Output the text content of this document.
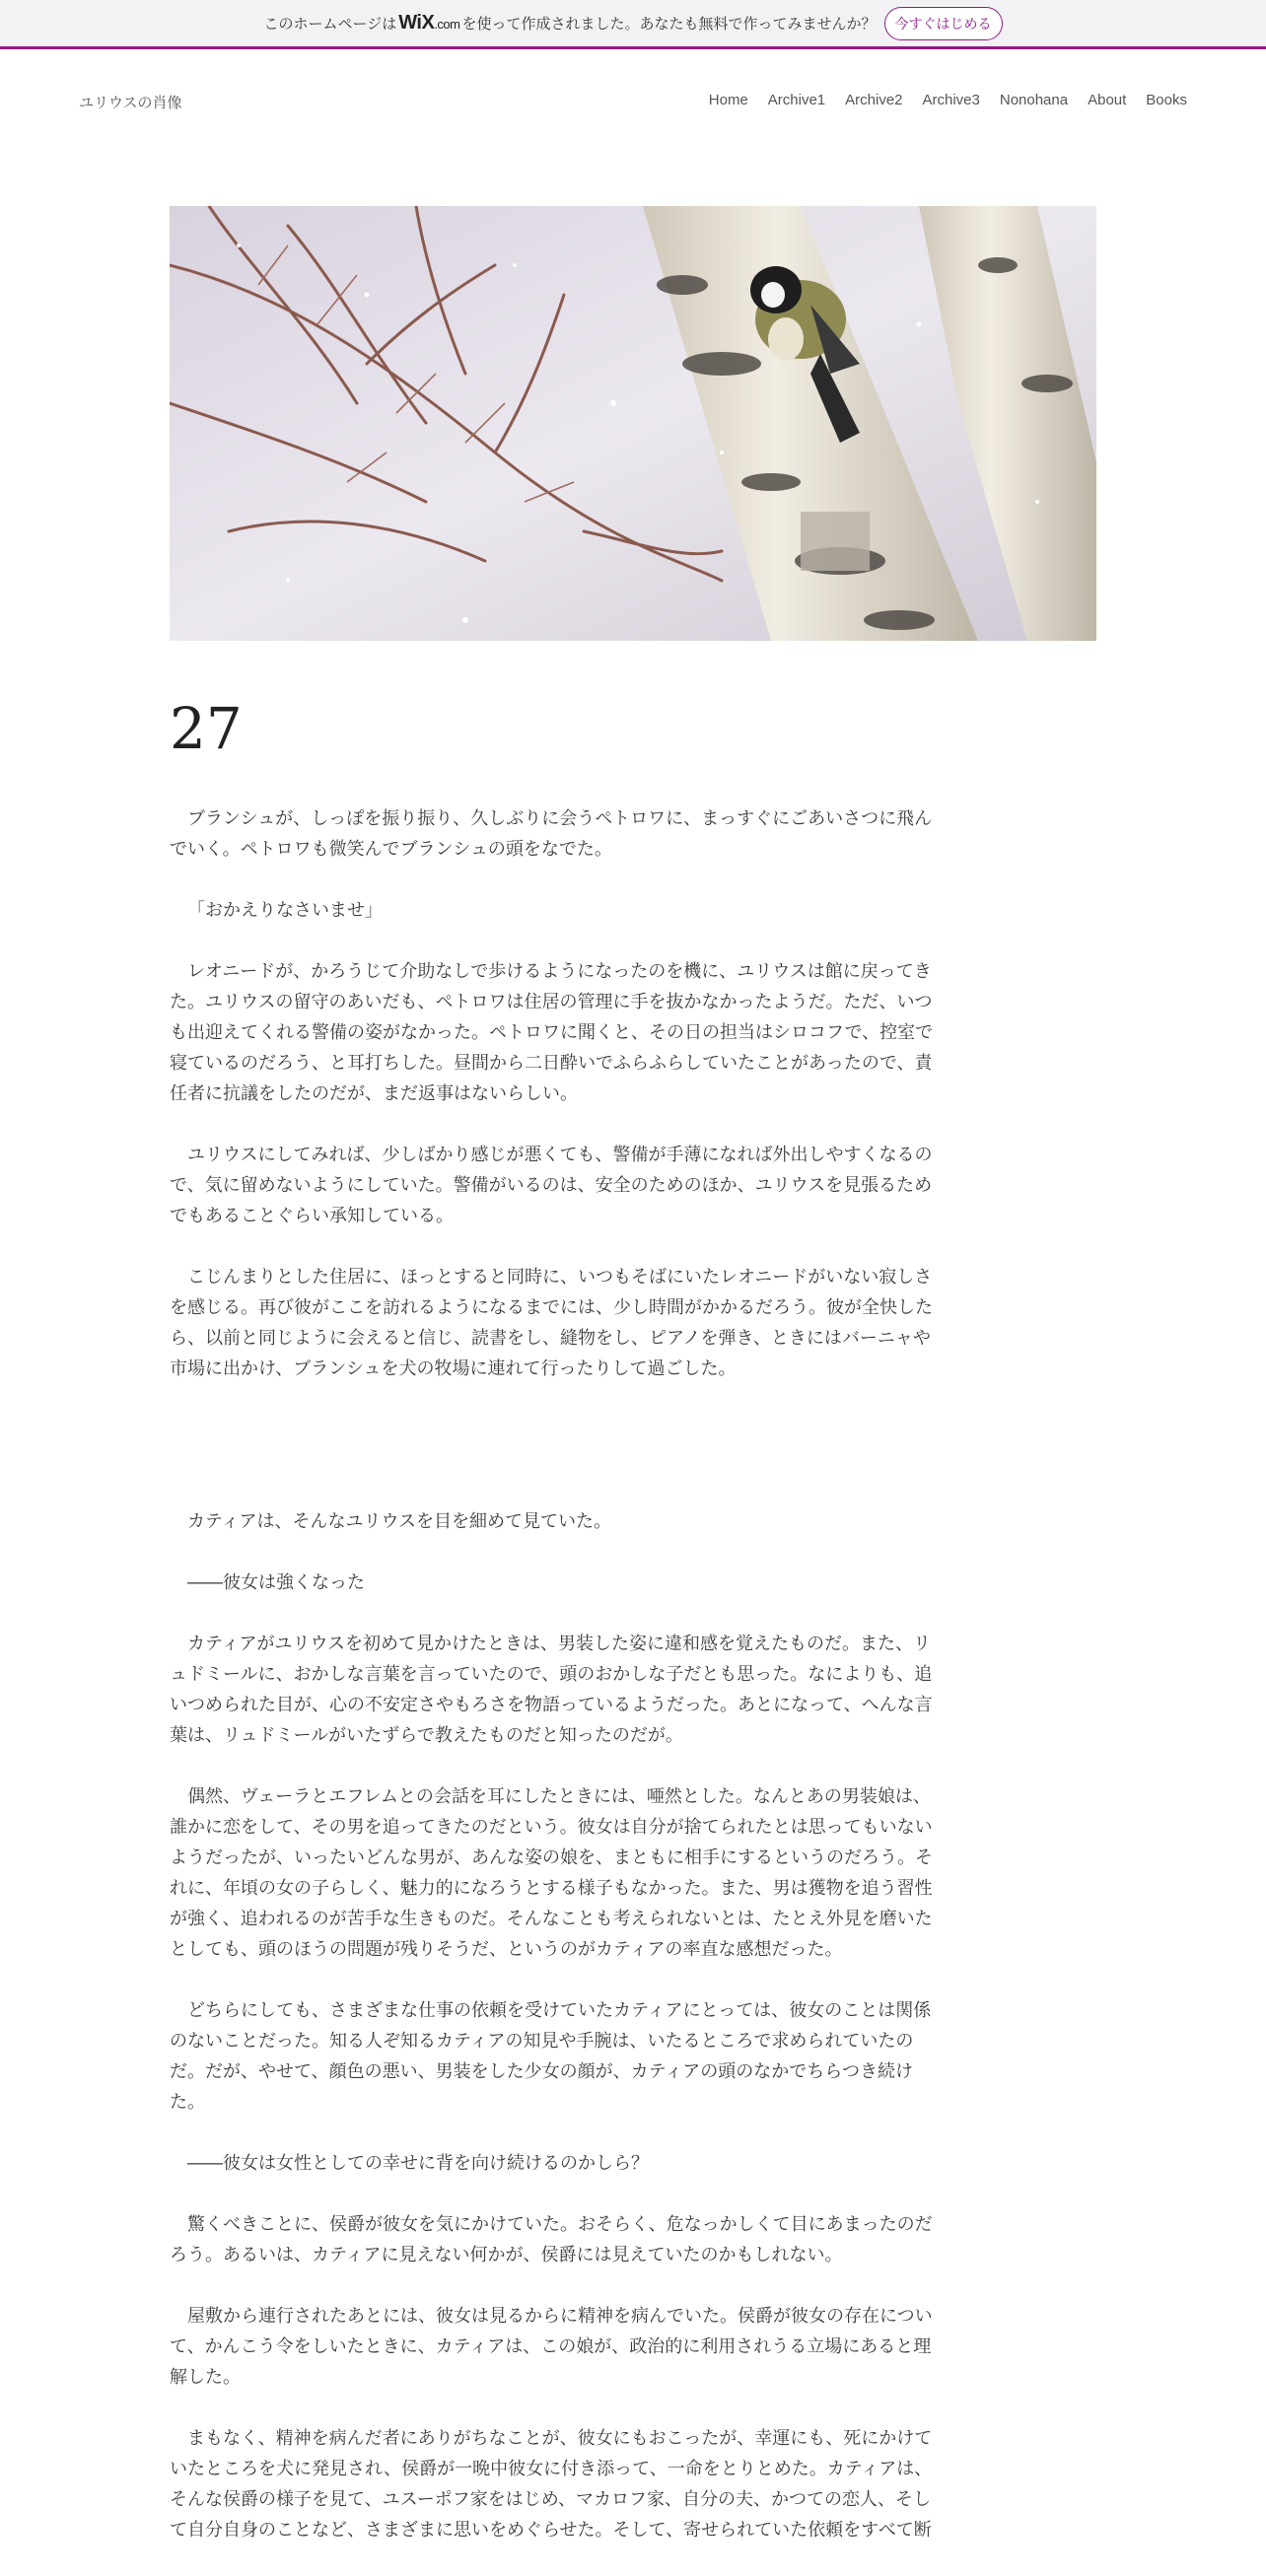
このホームページは WiX.com を使って作成されました。あなたも無料で作ってみませんか？	今すぐはじめる
ユリウスの肖像	Home Archive1 Archive2 Archive3 Nonohana About Books
27

ブランシュが、しっぽを振り振り、久しぶりに会うペトロワに、まっすぐにごあいさつに飛んでいく。ペトロワも微笑んでブランシュの頭をなでた。

「おかえりなさいませ」

レオニードが、かろうじて介助なしで歩けるようになったのを機に、ユリウスは館に戻ってきた。ユリウスの留守のあいだも、ペトロワは住居の管理に手を抜かなかったようだ。ただ、いつも出迎えてくれる警備の姿がなかった。ペトロワに聞くと、その日の担当はシロコフで、控室で寝ているのだろう、と耳打ちした。昼間から二日酔いでふらふらしていたことがあったので、責任者に抗議をしたのだが、まだ返事はないらしい。

ユリウスにしてみれば、少しばかり感じが悪くても、警備が手薄になれば外出しやすくなるので、気に留めないようにしていた。警備がいるのは、安全のためのほか、ユリウスを見張るためでもあることぐらい承知している。

こじんまりとした住居に、ほっとすると同時に、いつもそばにいたレオニードがいない寂しさを感じる。再び彼がここを訪れるようになるまでには、少し時間がかかるだろう。彼が全快したら、以前と同じように会えると信じ、読書をし、縫物をし、ピアノを弾き、ときにはバーニャや市場に出かけ、ブランシュを犬の牧場に連れて行ったりして過ごした。

カティアは、そんなユリウスを目を細めて見ていた。

――彼女は強くなった

カティアがユリウスを初めて見かけたときは、男装した姿に違和感を覚えたものだ。また、リュドミールに、おかしな言葉を言っていたので、頭のおかしな子だとも思った。なによりも、追いつめられた目が、心の不安定さやもろさを物語っているようだった。あとになって、へんな言葉は、リュドミールがいたずらで教えたものだと知ったのだが。

偶然、ヴェーラとエフレムとの会話を耳にしたときには、唖然とした。なんとあの男装娘は、誰かに恋をして、その男を追ってきたのだという。彼女は自分が捨てられたとは思ってもいないようだったが、いったいどんな男が、あんな姿の娘を、まともに相手にするというのだろう。それに、年頃の女の子らしく、魅力的になろうとする様子もなかった。また、男は獲物を追う習性が強く、追われるのが苦手な生きものだ。そんなことも考えられないとは、たとえ外見を磨いたとしても、頭のほうの問題が残りそうだ、というのがカティアの率直な感想だった。

どちらにしても、さまざまな仕事の依頼を受けていたカティアにとっては、彼女のことは関係のないことだった。知る人ぞ知るカティアの知見や手腕は、いたるところで求められていたのだ。だが、やせて、顔色の悪い、男装をした少女の顔が、カティアの頭のなかでちらつき続けた。

――彼女は女性としての幸せに背を向け続けるのかしら？

驚くべきことに、侯爵が彼女を気にかけていた。おそらく、危なっかしくて目にあまったのだろう。あるいは、カティアに見えない何かが、侯爵には見えていたのかもしれない。

屋敷から連行されたあとには、彼女は見るからに精神を病んでいた。侯爵が彼女の存在について、かんこう令をしいたときに、カティアは、この娘が、政治的に利用されうる立場にあると理解した。

まもなく、精神を病んだ者にありがちなことが、彼女にもおこったが、幸運にも、死にかけていたところを犬に発見され、侯爵が一晩中彼女に付き添って、一命をとりとめた。カティアは、そんな侯爵の様子を見て、ユスーポフ家をはじめ、マカロフ家、自分の夫、かつての恋人、そして自分自身のことなど、さまざまに思いをめぐらせた。そして、寄せられていた依頼をすべて断
